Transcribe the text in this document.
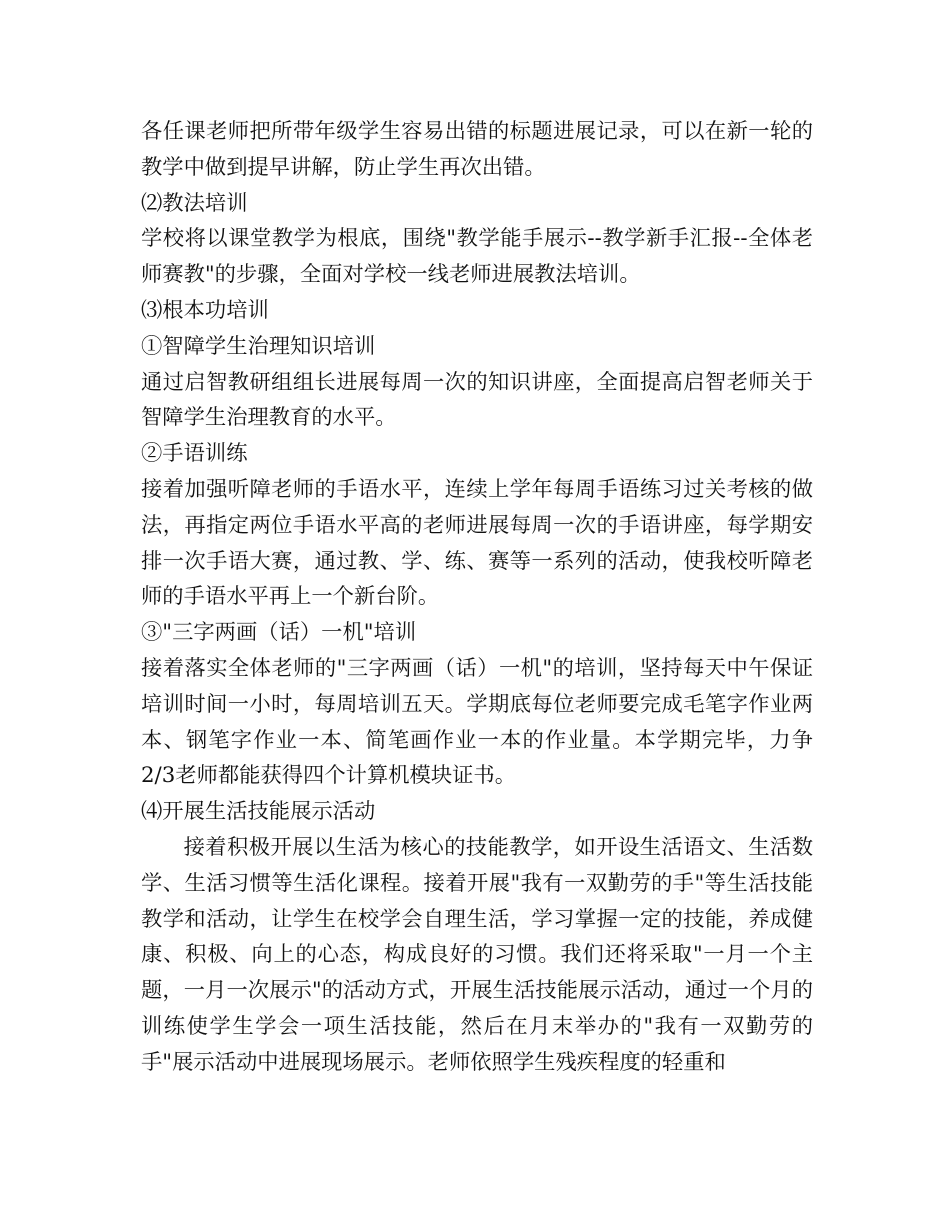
各任课老师把所带年级学生容易出错的标题进展记录，可以在新一轮的教学中做到提早讲解，防止学生再次出错。

⑵教法培训

学校将以课堂教学为根底，围绕"教学能手展示--教学新手汇报--全体老师赛教"的步骤，全面对学校一线老师进展教法培训。

⑶根本功培训

①智障学生治理知识培训

通过启智教研组组长进展每周一次的知识讲座，全面提高启智老师关于智障学生治理教育的水平。

②手语训练

接着加强听障老师的手语水平，连续上学年每周手语练习过关考核的做法，再指定两位手语水平高的老师进展每周一次的手语讲座，每学期安排一次手语大赛，通过教、学、练、赛等一系列的活动，使我校听障老师的手语水平再上一个新台阶。

③"三字两画（话）一机"培训

接着落实全体老师的"三字两画（话）一机"的培训，坚持每天中午保证培训时间一小时，每周培训五天。学期底每位老师要完成毛笔字作业两本、钢笔字作业一本、简笔画作业一本的作业量。本学期完毕，力争2/3老师都能获得四个计算机模块证书。

⑷开展生活技能展示活动

接着积极开展以生活为核心的技能教学，如开设生活语文、生活数学、生活习惯等生活化课程。接着开展"我有一双勤劳的手"等生活技能教学和活动，让学生在校学会自理生活，学习掌握一定的技能，养成健康、积极、向上的心态，构成良好的习惯。我们还将采取"一月一个主题，一月一次展示"的活动方式，开展生活技能展示活动，通过一个月的训练使学生学会一项生活技能，然后在月末举办的"我有一双勤劳的手"展示活动中进展现场展示。老师依照学生残疾程度的轻重和
